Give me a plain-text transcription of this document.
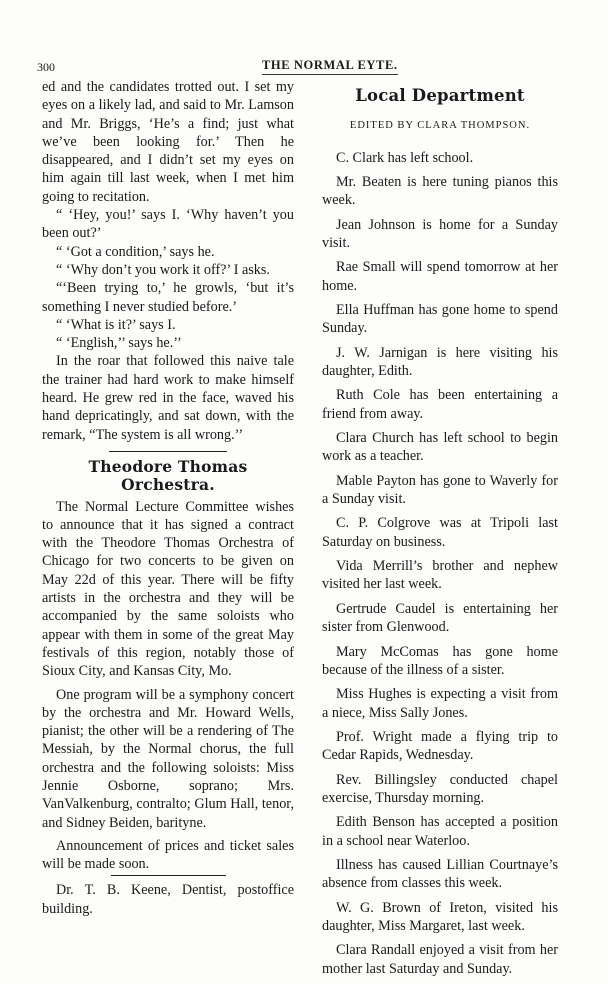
300	THE NORMAL EYTE.

ed and the candidates trotted out. I set my eyes on a likely lad, and said to Mr. Lamson and Mr. Briggs, ‘He’s a find; just what we’ve been looking for.’ Then he disappeared, and I didn’t set my eyes on him again till last week, when I met him going to recitation.

“ ‘Hey, you!’ says I. ‘Why haven’t you been out?’

“ ‘Got a condition,’ says he.

“ ‘Why don’t you work it off?’ I asks.

“‘Been trying to,’ he growls, ‘but it’s something I never studied before.’

“ ‘What is it?’ says I.

“ ‘English,’’ says he.’’

In the roar that followed this naive tale the trainer had hard work to make himself heard. He grew red in the face, waved his hand depricatingly, and sat down, with the remark, “The system is all wrong.’’

Theodore Thomas Orchestra.

The Normal Lecture Committee wishes to announce that it has signed a contract with the Theodore Thomas Orchestra of Chicago for two concerts to be given on May 22d of this year. There will be fifty artists in the orchestra and they will be accompanied by the same soloists who appear with them in some of the great May festivals of this region, notably those of Sioux City, and Kansas City, Mo.

One program will be a symphony concert by the orchestra and Mr. Howard Wells, pianist; the other will be a rendering of The Messiah, by the Normal chorus, the full orchestra and the following soloists: Miss Jennie Osborne, soprano; Mrs. VanValkenburg, contralto; Glum Hall, tenor, and Sidney Beiden, barityne.

Announcement of prices and ticket sales will be made soon.

Dr. T. B. Keene, Dentist, postoffice building.

Local Department
EDITED BY CLARA THOMPSON.

C. Clark has left school.

Mr. Beaten is here tuning pianos this week.

Jean Johnson is home for a Sunday visit.

Rae Small will spend tomorrow at her home.

Ella Huffman has gone home to spend Sunday.

J. W. Jarnigan is here visiting his daughter, Edith.

Ruth Cole has been entertaining a friend from away.

Clara Church has left school to begin work as a teacher.

Mable Payton has gone to Waverly for a Sunday visit.

C. P. Colgrove was at Tripoli last Saturday on business.

Vida Merrill’s brother and nephew visited her last week.

Gertrude Caudel is entertaining her sister from Glenwood.

Mary McComas has gone home because of the illness of a sister.

Miss Hughes is expecting a visit from a niece, Miss Sally Jones.

Prof. Wright made a flying trip to Cedar Rapids, Wednesday.

Rev. Billingsley conducted chapel exercise, Thursday morning.

Edith Benson has accepted a position in a school near Waterloo.

Illness has caused Lillian Courtnaye’s absence from classes this week.

W. G. Brown of Ireton, visited his daughter, Miss Margaret, last week.

Clara Randall enjoyed a visit from her mother last Saturday and Sunday.
